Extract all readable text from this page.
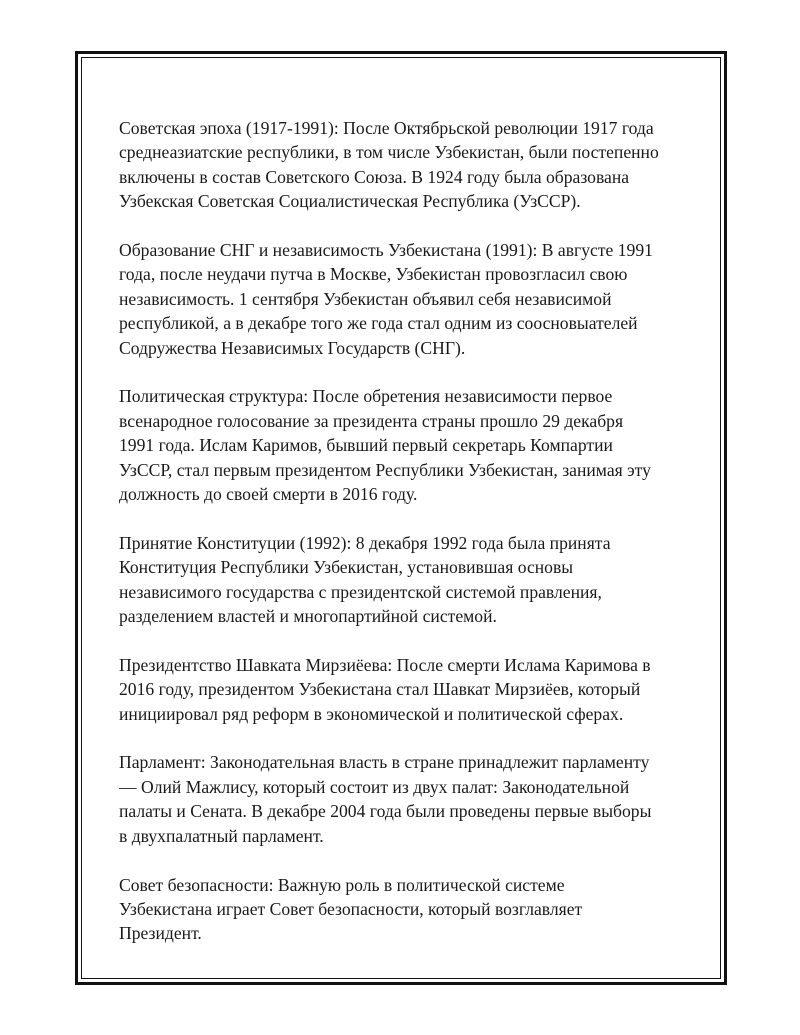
Советская эпоха (1917-1991): После Октябрьской революции 1917 года
среднеазиатские республики, в том числе Узбекистан, были постепенно
включены в состав Советского Союза. В 1924 году была образована
Узбекская Советская Социалистическая Республика (УзССР).

Образование СНГ и независимость Узбекистана (1991): В августе 1991
года, после неудачи путча в Москве, Узбекистан провозгласил свою
независимость. 1 сентября Узбекистан объявил себя независимой
республикой, а в декабре того же года стал одним из соосновыателей
Содружества Независимых Государств (СНГ).

Политическая структура: После обретения независимости первое
всенародное голосование за президента страны прошло 29 декабря
1991 года. Ислам Каримов, бывший первый секретарь Компартии
УзССР, стал первым президентом Республики Узбекистан, занимая эту
должность до своей смерти в 2016 году.

Принятие Конституции (1992): 8 декабря 1992 года была принята
Конституция Республики Узбекистан, установившая основы
независимого государства с президентской системой правления,
разделением властей и многопартийной системой.

Президентство Шавката Мирзиёева: После смерти Ислама Каримова в
2016 году, президентом Узбекистана стал Шавкат Мирзиёев, который
инициировал ряд реформ в экономической и политической сферах.

Парламент: Законодательная власть в стране принадлежит парламенту
— Олий Мажлису, который состоит из двух палат: Законодательной
палаты и Сената. В декабре 2004 года были проведены первые выборы
в двухпалатный парламент.

Совет безопасности: Важную роль в политической системе
Узбекистана играет Совет безопасности, который возглавляет
Президент.
